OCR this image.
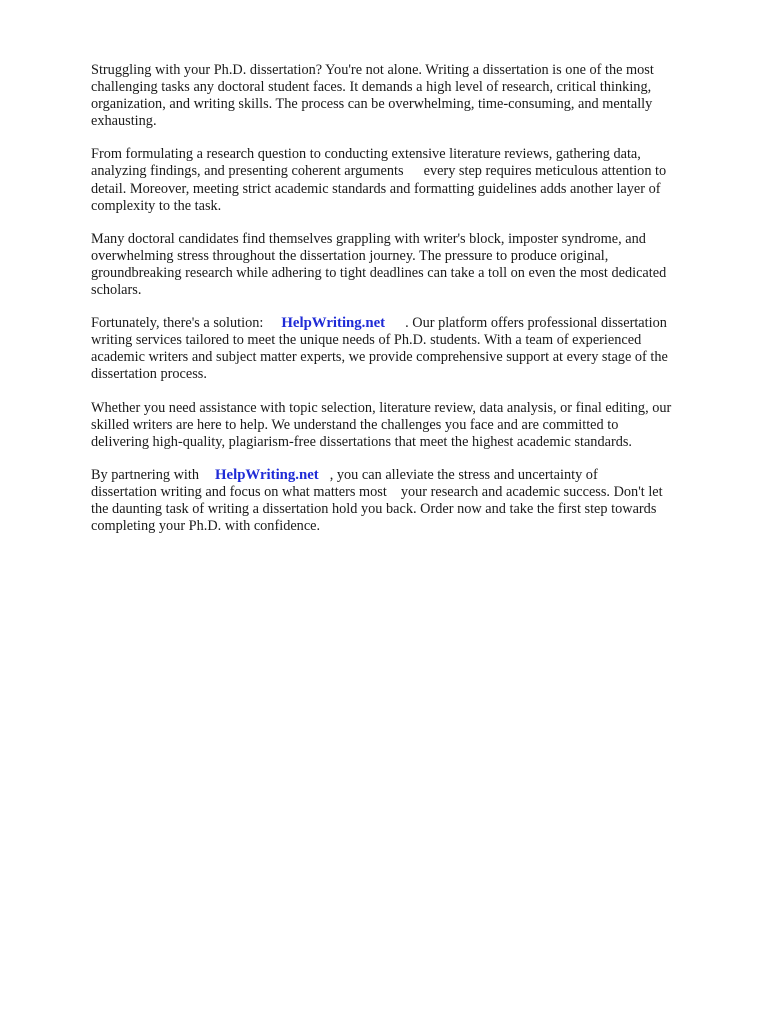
Struggling with your Ph.D. dissertation? You're not alone. Writing a dissertation is one of the most
challenging tasks any doctoral student faces. It demands a high level of research, critical thinking,
organization, and writing skills. The process can be overwhelming, time-consuming, and mentally
exhausting.

From formulating a research question to conducting extensive literature reviews, gathering data,
analyzing findings, and presenting coherent arguments every step requires meticulous attention to
detail. Moreover, meeting strict academic standards and formatting guidelines adds another layer of
complexity to the task.

Many doctoral candidates find themselves grappling with writer's block, imposter syndrome, and
overwhelming stress throughout the dissertation journey. The pressure to produce original,
groundbreaking research while adhering to tight deadlines can take a toll on even the most dedicated
scholars.

Fortunately, there's a solution: HelpWriting.net . Our platform offers professional dissertation
writing services tailored to meet the unique needs of Ph.D. students. With a team of experienced
academic writers and subject matter experts, we provide comprehensive support at every stage of the
dissertation process.

Whether you need assistance with topic selection, literature review, data analysis, or final editing, our
skilled writers are here to help. We understand the challenges you face and are committed to
delivering high-quality, plagiarism-free dissertations that meet the highest academic standards.

By partnering with HelpWriting.net , you can alleviate the stress and uncertainty of
dissertation writing and focus on what matters most your research and academic success. Don't let
the daunting task of writing a dissertation hold you back. Order now and take the first step towards
completing your Ph.D. with confidence.
